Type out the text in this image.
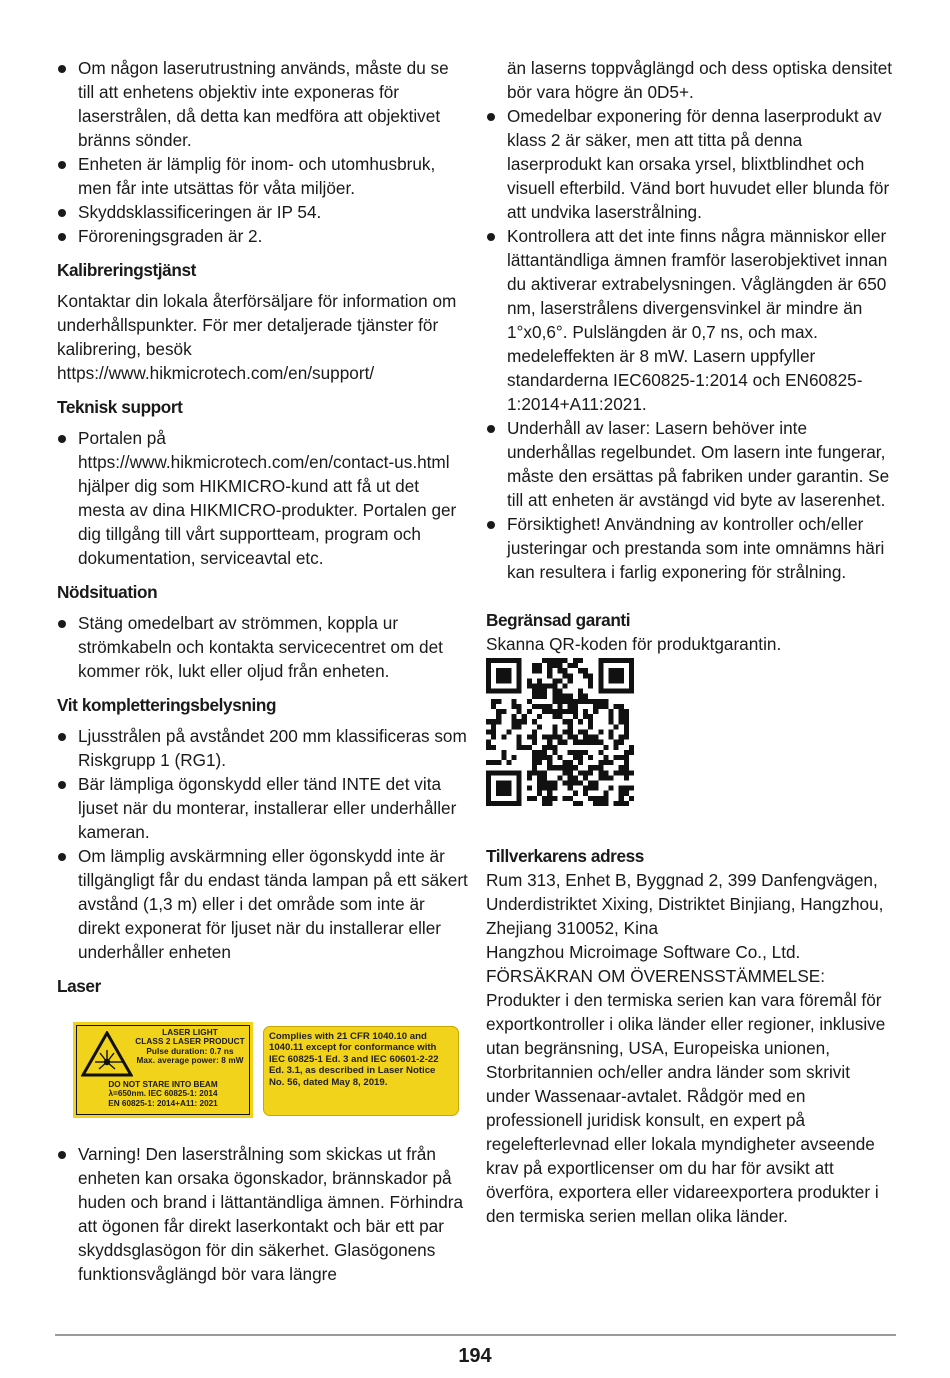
Om någon laserutrustning används, måste du se till att enhetens objektiv inte exponeras för laserstrålen, då detta kan medföra att objektivet bränns sönder.
Enheten är lämplig för inom- och utomhusbruk, men får inte utsättas för våta miljöer.
Skyddsklassificeringen är IP 54.
Föroreningsgraden är 2.
Kalibreringstjänst

Kontaktar din lokala återförsäljare för information om underhållspunkter. För mer detaljerade tjänster för kalibrering, besök https://www.hikmicrotech.com/en/support/

Teknisk support
Portalen på https://www.hikmicrotech.com/en/contact-us.html hjälper dig som HIKMICRO-kund att få ut det mesta av dina HIKMICRO-produkter. Portalen ger dig tillgång till vårt supportteam, program och dokumentation, serviceavtal etc.
Nödsituation
Stäng omedelbart av strömmen, koppla ur strömkabeln och kontakta servicecentret om det kommer rök, lukt eller oljud från enheten.
Vit kompletteringsbelysning
Ljusstrålen på avståndet 200 mm klassificeras som Riskgrupp 1 (RG1).
Bär lämpliga ögonskydd eller tänd INTE det vita ljuset när du monterar, installerar eller underhåller kameran.
Om lämplig avskärmning eller ögonskydd inte är tillgängligt får du endast tända lampan på ett säkert avstånd (1,3 m) eller i det område som inte är direkt exponerat för ljuset när du installerar eller underhåller enheten
Laser
LASER LIGHT
CLASS 2 LASER PRODUCT
Pulse duration: 0.7 ns
Max. average power: 8 mW
DO NOT STARE INTO BEAM
λ=650nm. IEC 60825-1: 2014
EN 60825-1: 2014+A11: 2021
Complies with 21 CFR 1040.10 and 1040.11 except for conformance with IEC 60825-1 Ed. 3 and IEC 60601-2-22 Ed. 3.1, as described in Laser Notice No. 56, dated May 8, 2019.
Varning! Den laserstrålning som skickas ut från enheten kan orsaka ögonskador, brännskador på huden och brand i lättantändliga ämnen. Förhindra att ögonen får direkt laserkontakt och bär ett par skyddsglasögon för din säkerhet. Glasögonens funktionsvåglängd bör vara längre

än laserns toppvåglängd och dess optiska densitet bör vara högre än 0D5+.

Omedelbar exponering för denna laserprodukt av klass 2 är säker, men att titta på denna laserprodukt kan orsaka yrsel, blixtblindhet och visuell efterbild. Vänd bort huvudet eller blunda för att undvika laserstrålning.
Kontrollera att det inte finns några människor eller lättantändliga ämnen framför laserobjektivet innan du aktiverar extrabelysningen. Våglängden är 650 nm, laserstrålens divergensvinkel är mindre än 1°x0,6°. Pulslängden är 0,7 ns, och max. medeleffekten är 8 mW. Lasern uppfyller standarderna IEC60825-1:2014 och EN60825-1:2014+A11:2021.
Underhåll av laser: Lasern behöver inte underhållas regelbundet. Om lasern inte fungerar, måste den ersättas på fabriken under garantin. Se till att enheten är avstängd vid byte av laserenhet.
Försiktighet! Användning av kontroller och/eller justeringar och prestanda som inte omnämns häri kan resultera i farlig exponering för strålning.
Begränsad garanti

Skanna QR-koden för produktgarantin.

Tillverkarens adress

Rum 313, Enhet B, Byggnad 2, 399 Danfengvägen, Underdistriktet Xixing, Distriktet Binjiang, Hangzhou, Zhejiang 310052, Kina

Hangzhou Microimage Software Co., Ltd.

FÖRSÄKRAN OM ÖVERENSSTÄMMELSE: Produkter i den termiska serien kan vara föremål för exportkontroller i olika länder eller regioner, inklusive utan begränsning, USA, Europeiska unionen, Storbritannien och/eller andra länder som skrivit under Wassenaar-avtalet. Rådgör med en professionell juridisk konsult, en expert på regelefterlevnad eller lokala myndigheter avseende krav på exportlicenser om du har för avsikt att överföra, exportera eller vidareexportera produkter i den termiska serien mellan olika länder.

194
